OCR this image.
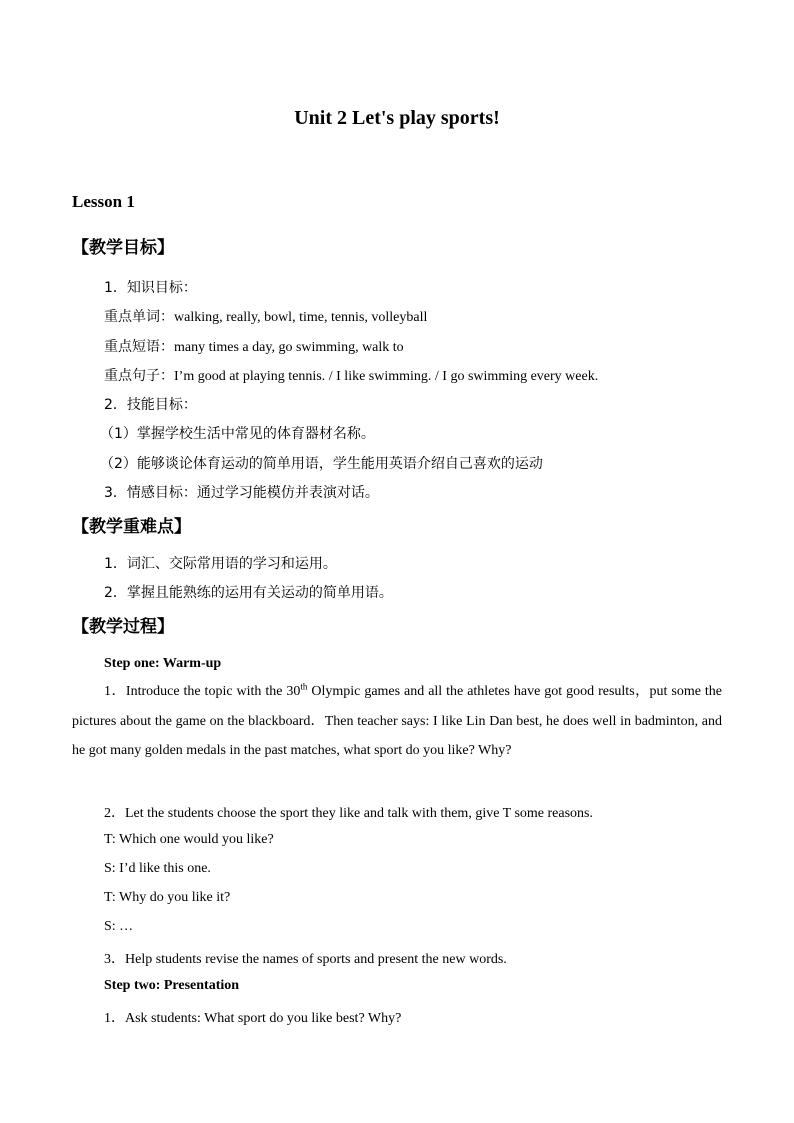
Unit 2 Let's play sports!
Lesson 1
【教学目标】
1．知识目标：
重点单词：walking, really, bowl, time, tennis, volleyball
重点短语：many times a day, go swimming, walk to
重点句子：I’m good at playing tennis. / I like swimming. / I go swimming every week.
2．技能目标：
（1）掌握学校生活中常见的体育器材名称。
（2）能够谈论体育运动的简单用语，学生能用英语介绍自己喜欢的运动
3．情感目标：通过学习能模仿并表演对话。
【教学重难点】
1．词汇、交际常用语的学习和运用。
2．掌握且能熟练的运用有关运动的简单用语。
【教学过程】
Step one: Warm-up
1．Introduce the topic with the 30th Olympic games and all the athletes have got good results，put some the pictures about the game on the blackboard．Then teacher says: I like Lin Dan best, he does well in badminton, and he got many golden medals in the past matches, what sport do you like? Why?
2．Let the students choose the sport they like and talk with them, give T some reasons.
T: Which one would you like?
S: I’d like this one.
T: Why do you like it?
S: …
3．Help students revise the names of sports and present the new words.
Step two: Presentation
1．Ask students: What sport do you like best? Why?
